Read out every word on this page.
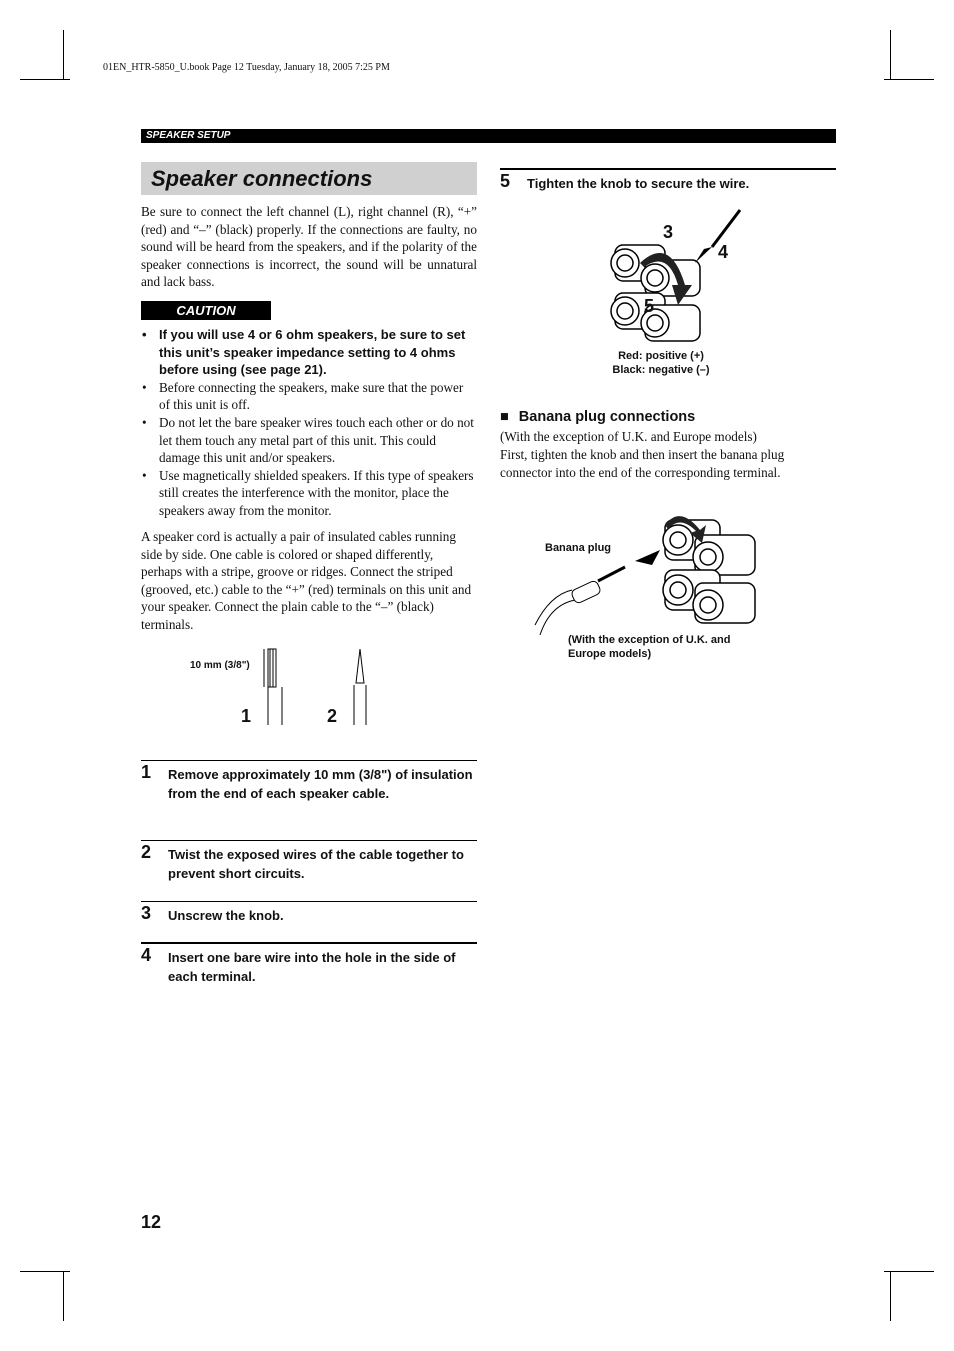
01EN_HTR-5850_U.book Page 12 Tuesday, January 18, 2005 7:25 PM
SPEAKER SETUP
Speaker connections
Be sure to connect the left channel (L), right channel (R), “+” (red) and “–” (black) properly. If the connections are faulty, no sound will be heard from the speakers, and if the polarity of the speaker connections is incorrect, the sound will be unnatural and lack bass.
CAUTION
• If you will use 4 or 6 ohm speakers, be sure to set this unit’s speaker impedance setting to 4 ohms before using (see page 21).
• Before connecting the speakers, make sure that the power of this unit is off.
• Do not let the bare speaker wires touch each other or do not let them touch any metal part of this unit. This could damage this unit and/or speakers.
• Use magnetically shielded speakers. If this type of speakers still creates the interference with the monitor, place the speakers away from the monitor.
A speaker cord is actually a pair of insulated cables running side by side. One cable is colored or shaped differently, perhaps with a stripe, groove or ridges. Connect the striped (grooved, etc.) cable to the “+” (red) terminals on this unit and your speaker. Connect the plain cable to the “–” (black) terminals.
10 mm (3/8")
1	2
1	Remove approximately 10 mm (3/8") of insulation from the end of each speaker cable.
2	Twist the exposed wires of the cable together to prevent short circuits.
3	Unscrew the knob.
4	Insert one bare wire into the hole in the side of each terminal.
5	Tighten the knob to secure the wire.
3
4
5
Red: positive (+)
Black: negative (–)
■ Banana plug connections
(With the exception of U.K. and Europe models)
First, tighten the knob and then insert the banana plug connector into the end of the corresponding terminal.
Banana plug
(With the exception of U.K. and Europe models)
12
